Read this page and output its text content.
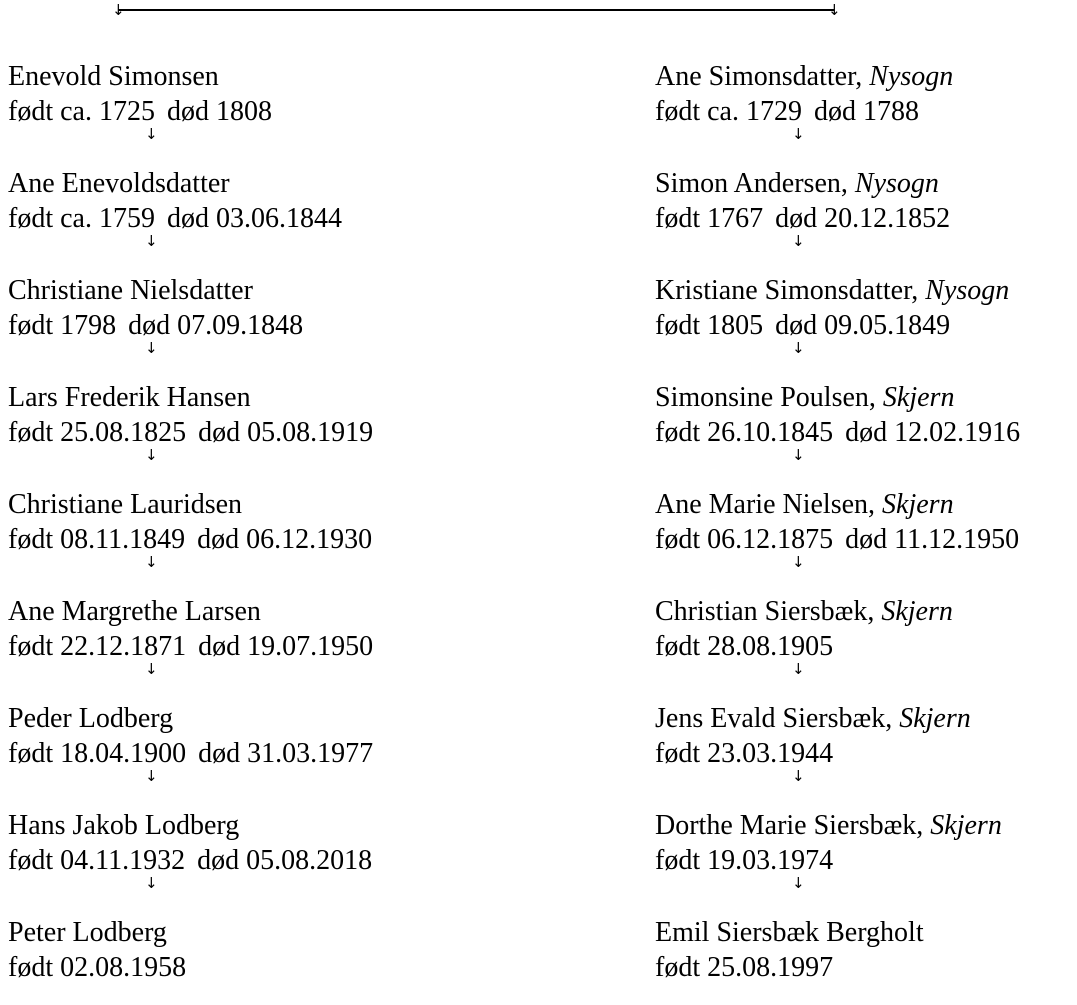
↓	↓
Enevold Simonsen
født ca. 1725 død 1808
↓
Ane Enevoldsdatter
født ca. 1759 død 03.06.1844
↓
Christiane Nielsdatter
født 1798 død 07.09.1848
↓
Lars Frederik Hansen
født 25.08.1825 død 05.08.1919
↓
Christiane Lauridsen
født 08.11.1849 død 06.12.1930
↓
Ane Margrethe Larsen
født 22.12.1871 død 19.07.1950
↓
Peder Lodberg
født 18.04.1900 død 31.03.1977
↓
Hans Jakob Lodberg
født 04.11.1932 død 05.08.2018
↓
Peter Lodberg
født 02.08.1958
Ane Simonsdatter, Nysogn
født ca. 1729 død 1788
↓
Simon Andersen, Nysogn
født 1767 død 20.12.1852
↓
Kristiane Simonsdatter, Nysogn
født 1805 død 09.05.1849
↓
Simonsine Poulsen, Skjern
født 26.10.1845 død 12.02.1916
↓
Ane Marie Nielsen, Skjern
født 06.12.1875 død 11.12.1950
↓
Christian Siersbæk, Skjern
født 28.08.1905
↓
Jens Evald Siersbæk, Skjern
født 23.03.1944
↓
Dorthe Marie Siersbæk, Skjern
født 19.03.1974
↓
Emil Siersbæk Bergholt
født 25.08.1997
